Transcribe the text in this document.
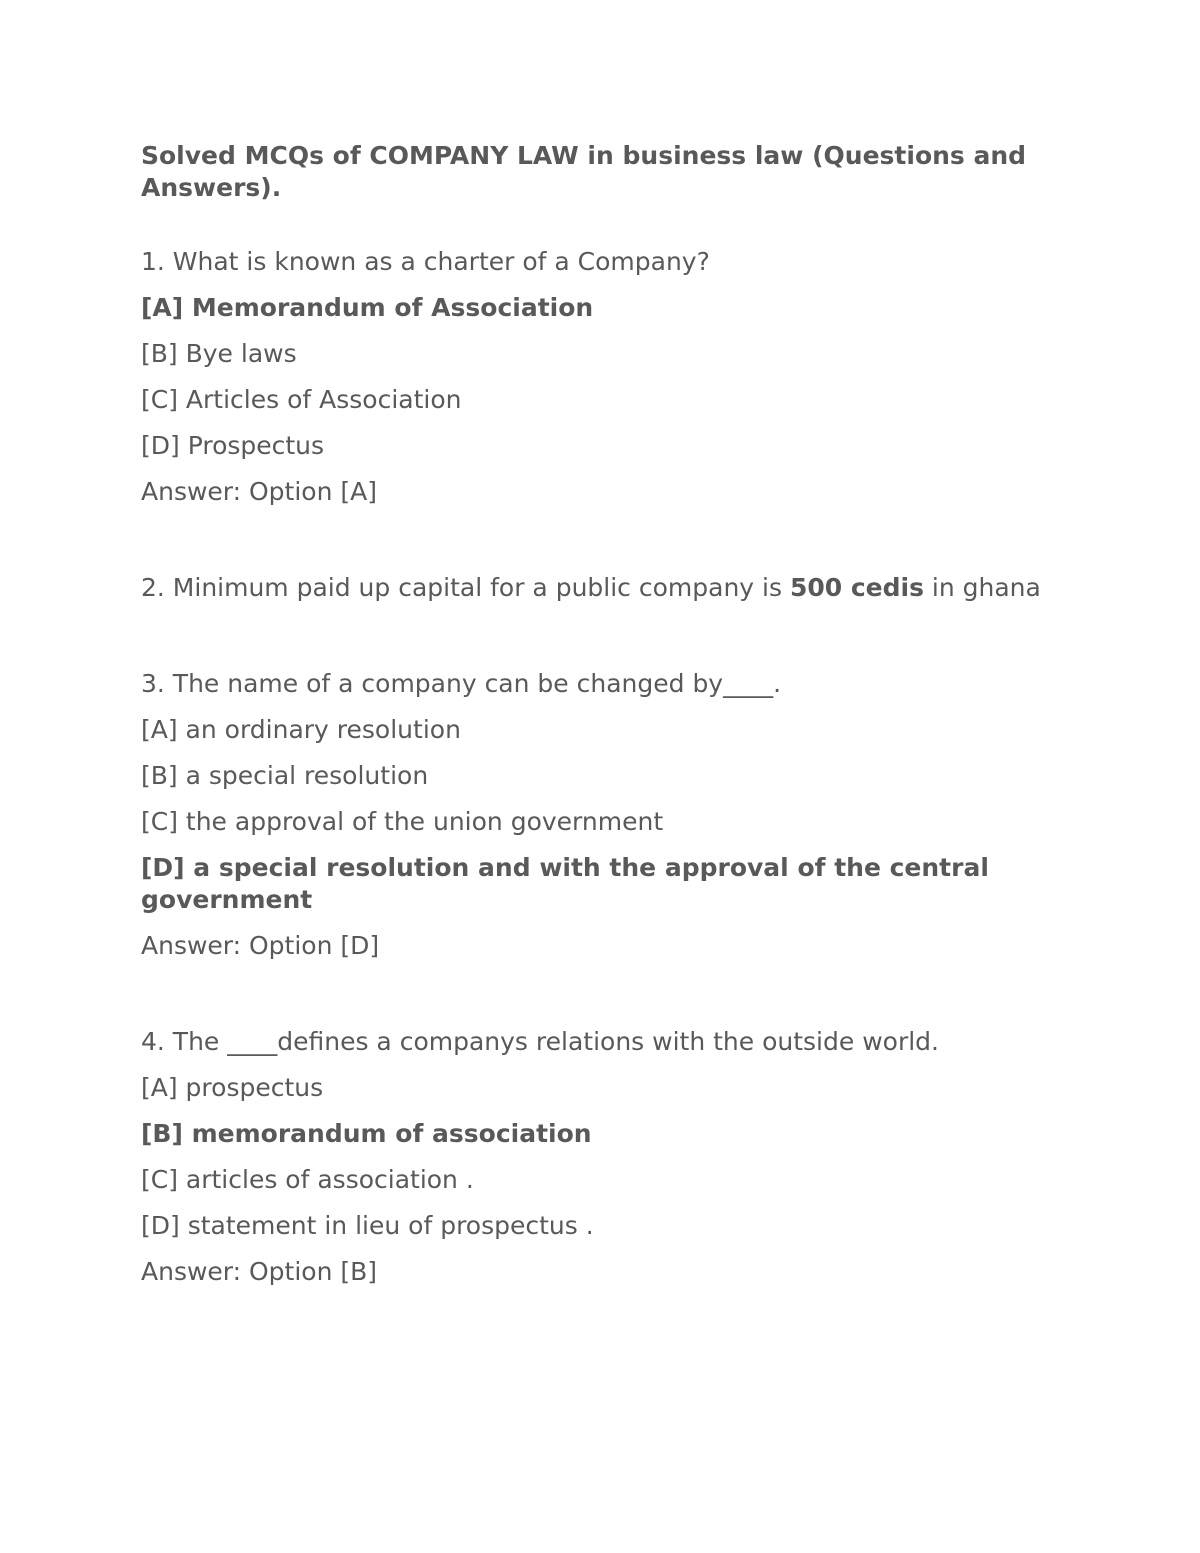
Solved MCQs of COMPANY LAW in business law (Questions and Answers).

1. What is known as a charter of a Company?

[A] Memorandum of Association

[B] Bye laws

[C] Articles of Association

[D] Prospectus

Answer: Option [A]

2. Minimum paid up capital for a public company is 500 cedis in ghana

3. The name of a company can be changed by____.

[A] an ordinary resolution

[B] a special resolution

[C] the approval of the union government

[D] a special resolution and with the approval of the central government

Answer: Option [D]

4. The ____defines a companys relations with the outside world.

[A] prospectus

[B] memorandum of association

[C] articles of association .

[D] statement in lieu of prospectus .

Answer: Option [B]
